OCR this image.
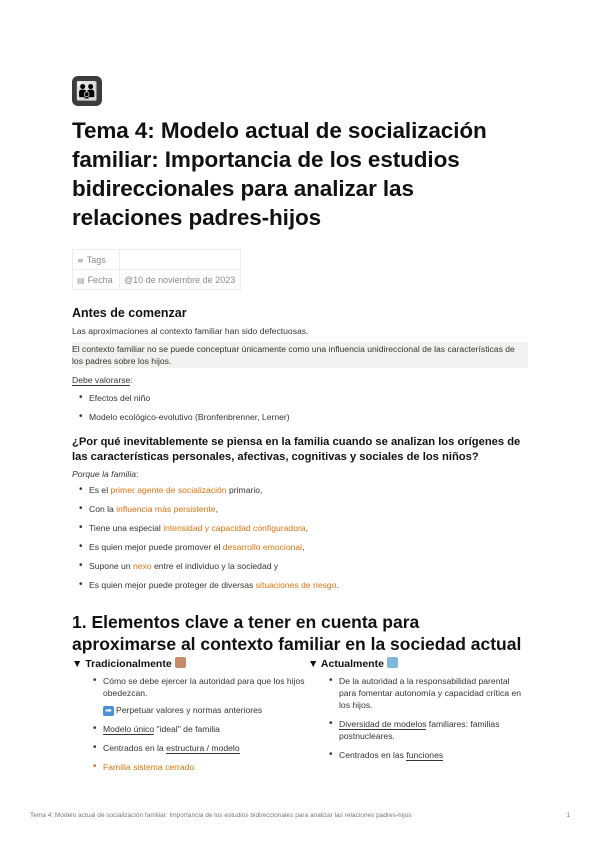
👪
Tema 4: Modelo actual de socialización familiar: Importancia de los estudios bidireccionales para analizar las relaciones padres-hijos
≡ Tags	
▤ Fecha	@10 de noviembre de 2023
Antes de comenzar

Las aproximaciones al contexto familiar han sido defectuosas.

El contexto familiar no se puede conceptuar únicamente como una influencia unidireccional de las características de los padres sobre los hijos.

Debe valorarse:

• Efectos del niño
• Modelo ecológico-evolutivo (Bronfenbrenner, Lerner)
¿Por qué inevitablemente se piensa en la familia cuando se analizan los orígenes de las características personales, afectivas, cognitivas y sociales de los niños?

Porque la familia:

• Es el primer agente de socialización primario,
• Con la influencia más persistente,
• Tiene una especial intensidad y capacidad configuradora,
• Es quien mejor puede promover el desarrollo emocional,
• Supone un nexo entre el individuo y la sociedad y
• Es quien mejor puede proteger de diversas situaciones de riesgo.
1. Elementos clave a tener en cuenta para aproximarse al contexto familiar en la sociedad actual
▼ Tradicionalmente
• Cómo se debe ejercer la autoridad para que los hijos obedezcan.
➡ Perpetuar valores y normas anteriores
• Modelo único "ideal" de familia
• Centrados en la estructura / modelo
• Familia sistema cerrado
▼ Actualmente
• De la autoridad a la responsabilidad parental para fomentar autonomía y capacidad crítica en los hijos.
• Diversidad de modelos familiares: familias postnucleares.
• Centrados en las funciones
Tema 4: Modelo actual de socialización familiar: Importancia de los estudios bidireccionales para analizar las relaciones padres-hijos	1
